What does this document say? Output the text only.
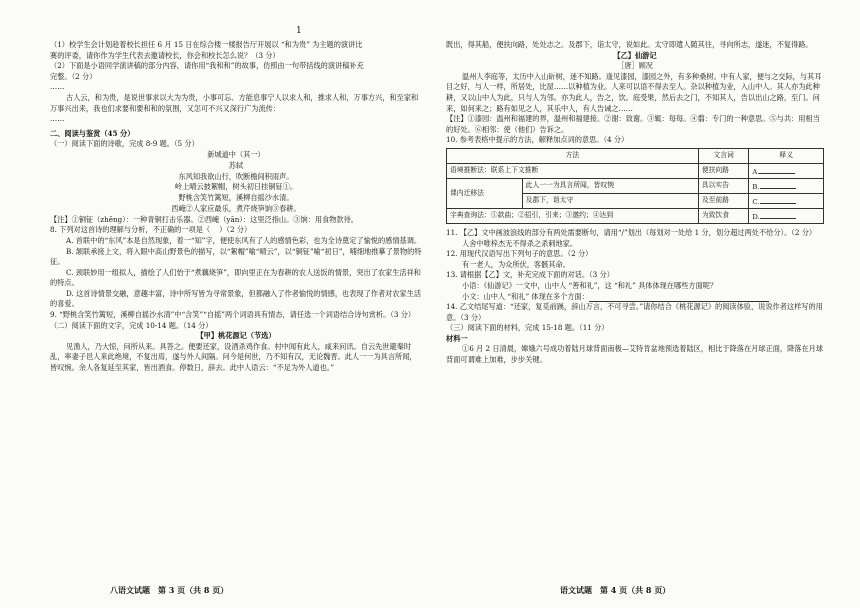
1

（1）校学生会计划趁着校长担任 6 月 15 日在综合楼一楼报告厅开展以 “和为贵” 为主题的演讲比

赛的评委，请你作为学生代表去邀请校长，你会和校长怎么说？（3 分）

（2）下面是小语同学演讲稿的部分内容，请你用“我和和”的故事，仿照由一句带括线的演讲稿补充

完整。（2 分）

……

古人云，和为贵，是说世事求以大为为贵，小事可忘、方能息事宁人以求人和，推求人和，万事方兴，和至家和万事兴出来，我也们求要和要和和的氛围，又怎可不兴又深行广为流传：

……

二、阅读与鉴赏（45 分）

（一）阅读下面的诗歌，完成 8-9 题。（5 分）

新城道中（其一）

苏轼

东风知我欲山行，吹断檐间积雨声。

岭上晴云披絮帽，树头初日挂铜钲①。

野桃含笑竹篱短，溪柳自摇沙水清。

西崦②人家应最乐，煮芹烧笋饷③春耕。

【注】①铜钲（zhēng）：一种青铜打击乐器。②西崦（yān）：这里泛指山。③饷：用食物款待。

8. 下列对这首诗的理解与分析，不正确的一项是（    ）（2 分）

A. 首联中的“东风”本是自然现象，着一“知”字，便使东风有了人的感情色彩，也为全诗奠定了愉悦的感情基调。

B. 颔联承接上文，将入眼中高山野景色的描写，以“絮帽”喻“晴云”，以“铜钲”喻“初日”，哺细地推摹了景物的特征。

C. 颈联妙用一组拟人，描绘了人们怡于“煮藕烧笋”，即向里正在为春耕的农人送饭的情景，突出了农家生活祥和的特点。

D. 这首诗情景交融，意趣丰富，诗中所写皆为寻常景象，但都融入了作者愉悦的情感，也表现了作者对农家生活的喜爱。

9. “野桃含笑竹篱短，溪柳自摇沙水清”中“含笑”“自摇”两个词语具有情态，请任选一个词语结合诗句赏析。（3 分）

（二）阅读下面的文字，完成 10-14 题。（14 分）

【甲】桃花源记（节选）

见渔人，乃大惊，问所从来。具答之。便要还家，设酒杀鸡作食。村中闻有此人，咸来问讯。自云先世避秦时乱，率妻子邑人来此绝境，不复出焉，遂与外人间隔。问今是何世，乃不知有汉，无论魏晋。此人一一为具言所闻，皆叹惋。余人各复延至其家，皆出酒食。停数日，辞去。此中人语云：“不足为外人道也。”

八语文试题　第 3 页（共 8 页）

既出，得其船，便扶向路，处处志之。及郡下，诣太守，说如此。太守即遣人随其往，寻向所志，遂迷，不复得路。

【乙】仙游记

［唐］顾况

温州人李庭等，太历中入山斫树，迷不知路。逢见漆园，漆园之外，有多种桑树。中有人家，便与之交际，与其耳目之好，与人一样，所居处，比屋……以种植为业。人来可以语不得去至人。杂以种植为业，入山中人。其人亦为此种耕，又以山中人为此，只与人为邻。亦为此人，告之，饮。庭受果，然后去之门，不知其人，告以出山之路，至门。问来，如何来之；路有如见之人，其乐中人，有人告诫之……

【注】①漆园：温州和福建的界，温州和福建接。②谢：致谢。③辄：每每。④翦：专门的一种意思。⑤与共：用相当的好处。⑥相邻：使（他们）告诉之。

10. 参考表格中提示的方法，解释加点词的意思。（4 分）

方法		文言词	释义
语境推断法：联系上下文推断		便扶向路	A.
课内迁移法	此人一一为具言所闻，皆叹惋	具以实告	B.
	及郡下，诣太守	及至前路	C.
字典查询法：①款曲；②招引，引来；③邀约；④达到		为致饮食	D.

11. 【乙】文中画波浪线的部分有两处需要断句，请用“/”划出（每划对一处给 1 分，划分超过两处不给分）。（2 分）

人舍中唯梓杰无不得杀之杀刺地家。

12. 用现代汉语写出下列句子的意思。（2 分）

有一老人，为众所伏，客骸其命。

13. 请根据【乙】文，补充完成下面的对话。（3 分）

小语：《仙游记》一文中，山中人 “善和礼”，这 “和礼” 具体体现在哪些方面呢？

小文：山中人 “和礼” 体现在多个方面：

14. 乙文结尾写道：“还家，复觅前蹊，辞山万言，不可寻尝。”请你结合《桃花源记》的阅读体验，说说作者这样写的用意。（3 分）

（三）阅读下面的材料，完成 15-18 题。（11 分）

材料一

①6 月 2 日清晨，嫦娥六号成功着陆月球背面南极—艾特肯盆地预选着陆区，相比于降落在月球正面，降落在月球背面可谓难上加难，步步关键。

语文试题　第 4 页（共 8 页）
